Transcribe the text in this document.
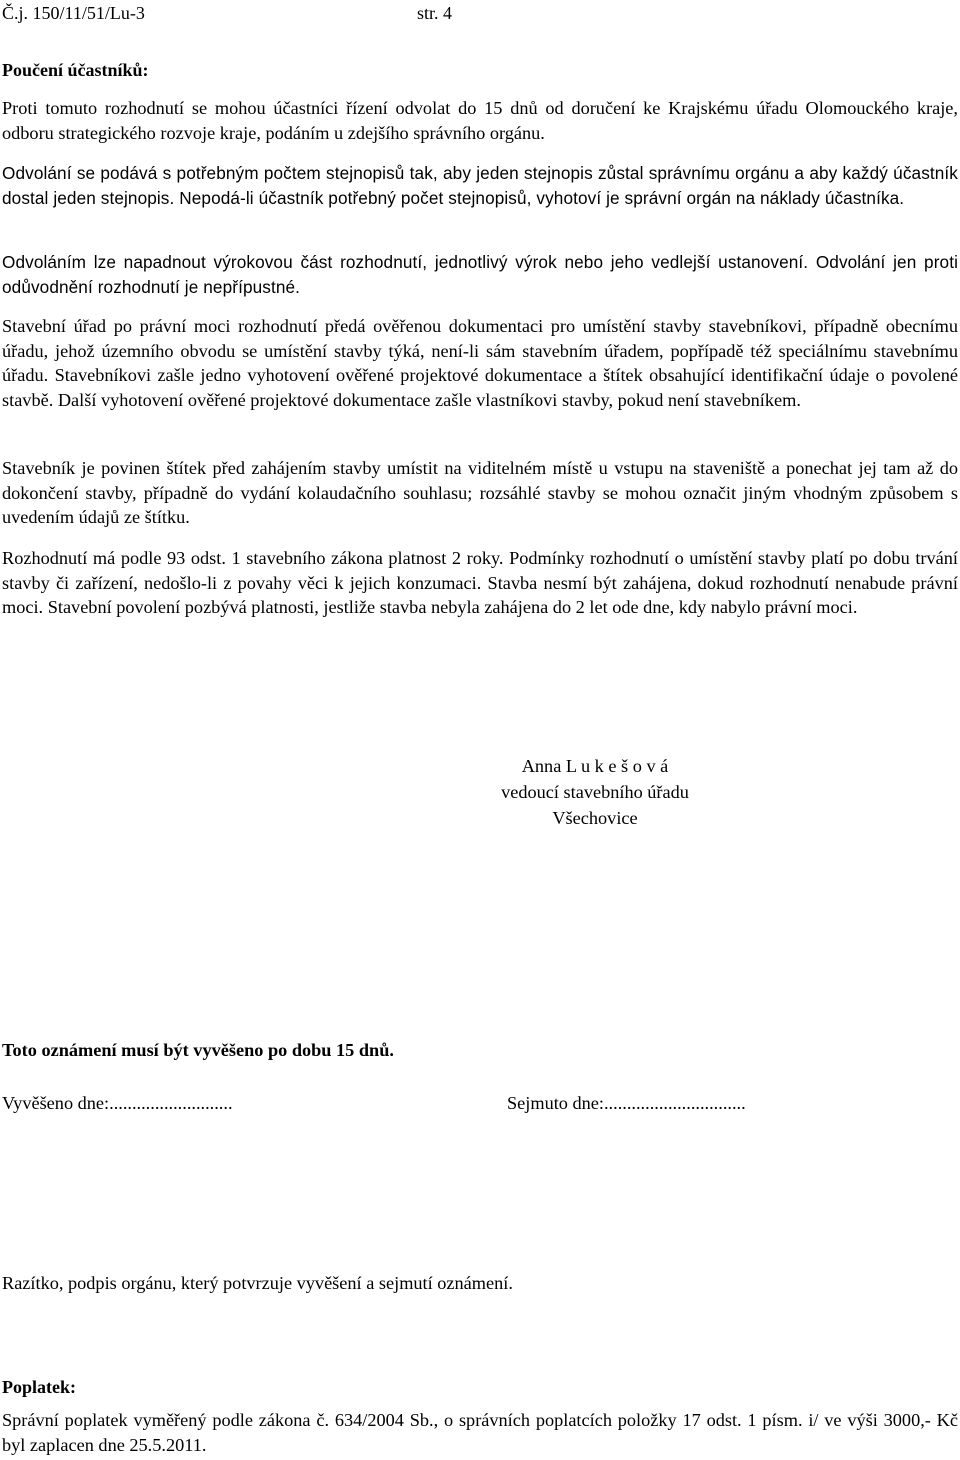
Č.j. 150/11/51/Lu-3	str. 4
Poučení účastníků:
Proti tomuto rozhodnutí se mohou účastníci řízení odvolat do 15 dnů od doručení ke Krajskému úřadu Olomouckého kraje, odboru strategického rozvoje kraje, podáním u zdejšího správního orgánu.
Odvolání se podává s potřebným počtem stejnopisů tak, aby jeden stejnopis zůstal správnímu orgánu a aby každý účastník dostal jeden stejnopis. Nepodá-li účastník potřebný počet stejnopisů, vyhotoví je správní orgán na náklady účastníka.
Odvoláním lze napadnout výrokovou část rozhodnutí, jednotlivý výrok nebo jeho vedlejší ustanovení. Odvolání jen proti odůvodnění rozhodnutí je nepřípustné.
Stavební úřad po právní moci rozhodnutí předá ověřenou dokumentaci pro umístění stavby stavebníkovi, případně obecnímu úřadu, jehož územního obvodu se umístění stavby týká, není-li sám stavebním úřadem, popřípadě též speciálnímu stavebnímu úřadu. Stavebníkovi zašle jedno vyhotovení ověřené projektové dokumentace a štítek obsahující identifikační údaje o povolené stavbě. Další vyhotovení ověřené projektové dokumentace zašle vlastníkovi stavby, pokud není stavebníkem.
Stavebník je povinen štítek před zahájením stavby umístit na viditelném místě u vstupu na staveniště a ponechat jej tam až do dokončení stavby, případně do vydání kolaudačního souhlasu; rozsáhlé stavby se mohou označit jiným vhodným způsobem s uvedením údajů ze štítku.
Rozhodnutí má podle 93 odst. 1 stavebního zákona platnost 2 roky. Podmínky rozhodnutí o umístění stavby platí po dobu trvání stavby či zařízení, nedošlo-li z povahy věci k jejich konzumaci. Stavba nesmí být zahájena, dokud rozhodnutí nenabude právní moci. Stavební povolení pozbývá platnosti, jestliže stavba nebyla zahájena do 2 let ode dne, kdy nabylo právní moci.
Anna L u k e š o v á
vedoucí stavebního úřadu
Všechovice
Toto oznámení musí být vyvěšeno po dobu 15 dnů.
Vyvěšeno dne:...........................	Sejmuto dne:...............................
Razítko, podpis orgánu, který potvrzuje vyvěšení a sejmutí oznámení.
Poplatek:
Správní poplatek vyměřený podle zákona č. 634/2004 Sb., o správních poplatcích položky 17 odst. 1 písm. i/ ve výši 3000,- Kč byl zaplacen dne 25.5.2011.
